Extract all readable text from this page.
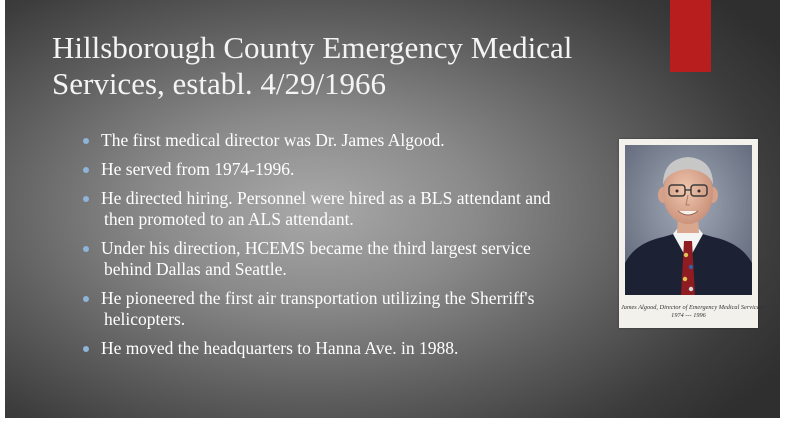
Hillsborough County Emergency Medical
Services, establ. 4/29/1966
The first medical director was Dr. James Algood.
He served from 1974-1996.
He directed hiring. Personnel were hired as a BLS attendant and
then promoted to an ALS attendant.
Under his direction, HCEMS became the third largest service
behind Dallas and Seattle.
He pioneered the first air transportation utilizing the Sherriff's
helicopters.
He moved the headquarters to Hanna Ave. in 1988.
James Algood, Director of Emergency Medical Services*
1974 --- 1996
